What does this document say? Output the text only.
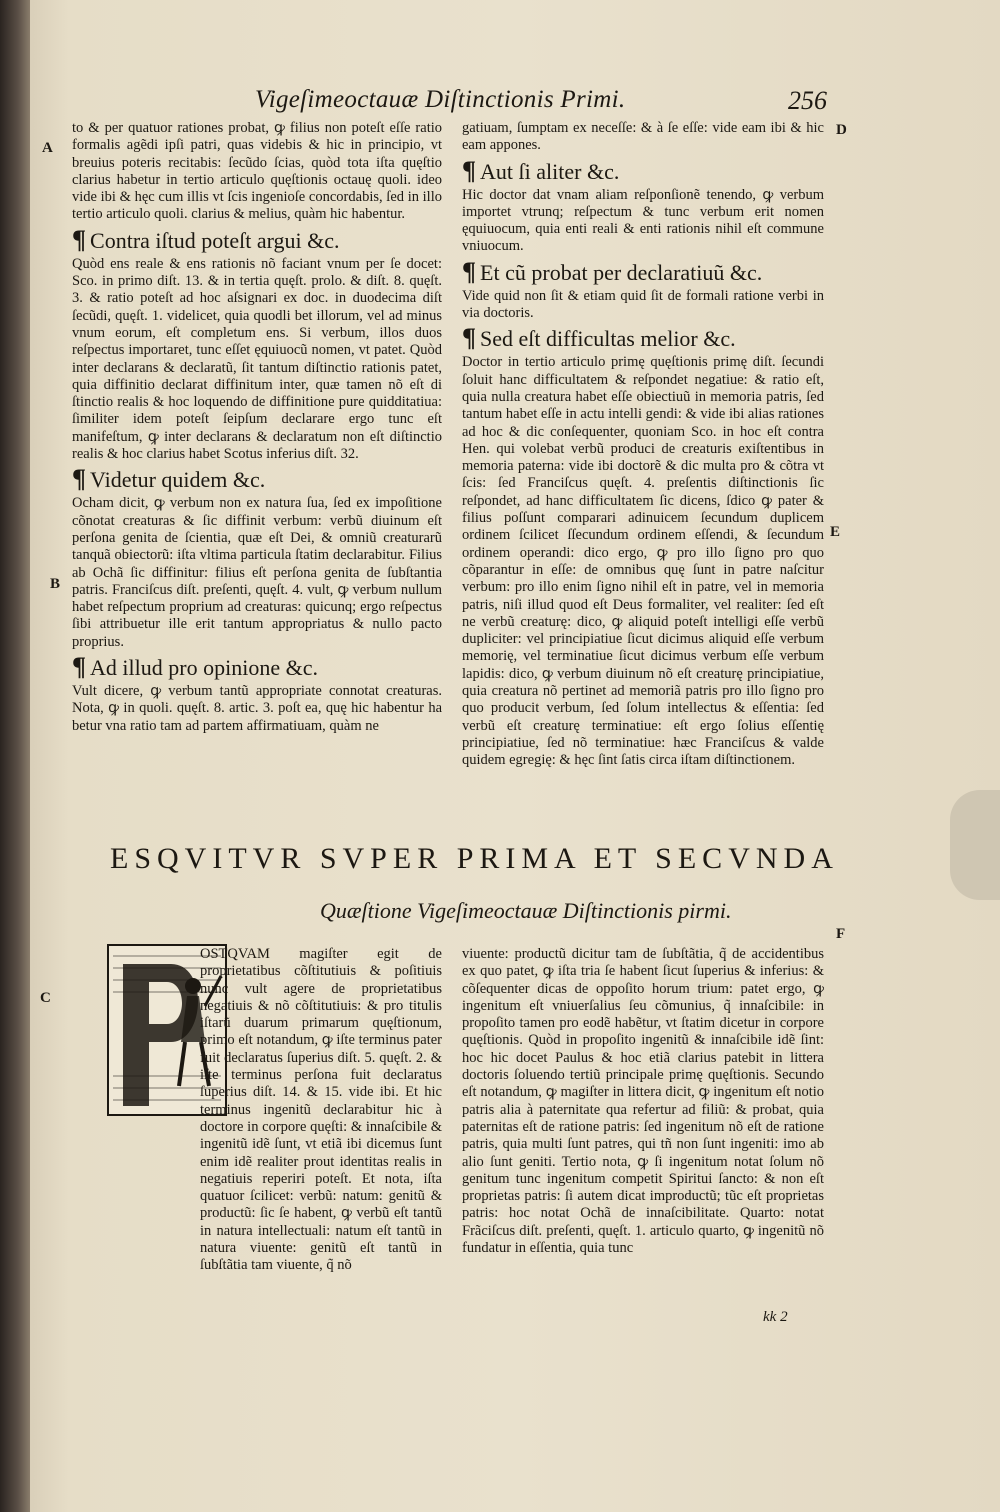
Vigeſimeoctauæ Diſtinctionis Primi.	256
A
B
C
D
E
F

to & per quatuor rationes probat, ꝙ filius non poteſt eſſe ratio formalis agẽdi ipſi patri, quas videbis & hic in principio, vt breuius poteris recitabis: ſecũdo ſcias, quòd tota iſta quęſtio clarius habetur in tertio articulo quęſtionis octauę quoli. ideo vide ibi & hęc cum illis vt ſcis ingenioſe concordabis, ſed in illo tertio articulo quoli. clarius & melius, quàm hic habentur.

¶ Contra iſtud poteſt argui &c.

Quòd ens reale & ens rationis nõ faciant vnum per ſe docet: Sco. in primo diſt. 13. & in tertia quęſt. prolo. & diſt. 8. quęſt. 3. & ratio poteſt ad hoc aſsignari ex doc. in duodecima diſt ſecũdi, quęſt. 1. videlicet, quia quodli bet illorum, vel ad minus vnum eorum, eſt completum ens. Si verbum, illos duos reſpectus importaret, tunc eſſet ęquiuocũ nomen, vt patet. Quòd inter declarans & declaratũ, ſit tantum diſtinctio rationis patet, quia diffinitio declarat diffinitum inter, quæ tamen nõ eſt di ſtinctio realis & hoc loquendo de diffinitione pure quidditatiua: ſimiliter idem poteſt ſeipſum declarare ergo tunc eſt manifeſtum, ꝙ inter declarans & declaratum non eſt diſtinctio realis & hoc clarius habet Scotus inferius diſt. 32.

¶ Videtur quidem &c.

Ocham dicit, ꝙ verbum non ex natura ſua, ſed ex impoſitione cõnotat creaturas & ſic diffinit verbum: verbũ diuinum eſt perſona genita de ſcientia, quæ eſt Dei, & omniũ creaturarũ tanquã obiectorũ: iſta vltima particula ſtatim declarabitur. Filius ab Ochã ſic diffinitur: filius eſt perſona genita de ſubſtantia patris. Franciſcus diſt. preſenti, quęſt. 4. vult, ꝙ verbum nullum habet reſpectum proprium ad creaturas: quicunq; ergo reſpectus ſibi attribuetur ille erit tantum appropriatus & nullo pacto proprius.

¶ Ad illud pro opinione &c.

Vult dicere, ꝙ verbum tantũ appropriate connotat creaturas. Nota, ꝙ in quoli. quęſt. 8. artic. 3. poſt ea, quę hic habentur ha betur vna ratio tam ad partem affirmatiuam, quàm ne

gatiuam, ſumptam ex neceſſe: & à ſe eſſe: vide eam ibi & hic eam appones.

¶ Aut ſi aliter &c.

Hic doctor dat vnam aliam reſponſionẽ tenendo, ꝙ verbum importet vtrunq; reſpectum & tunc verbum erit nomen ęquiuocum, quia enti reali & enti rationis nihil eſt commune vniuocum.

¶ Et cũ probat per declaratiuũ &c.

Vide quid non ſit & etiam quid ſit de formali ratione verbi in via doctoris.

¶ Sed eſt difficultas melior &c.

Doctor in tertio articulo primę quęſtionis primę diſt. ſecundi ſoluit hanc difficultatem & reſpondet negatiue: & ratio eſt, quia nulla creatura habet eſſe obiectiuũ in memoria patris, ſed tantum habet eſſe in actu intelli gendi: & vide ibi alias rationes ad hoc & dic conſequenter, quoniam Sco. in hoc eſt contra Hen. qui volebat verbũ produci de creaturis exiſtentibus in memoria paterna: vide ibi doctorẽ & dic multa pro & cõtra vt ſcis: ſed Franciſcus quęſt. 4. preſentis diſtinctionis ſic reſpondet, ad hanc difficultatem ſic dicens, ſdico ꝙ pater & filius poſſunt comparari adinuicem ſecundum duplicem ordinem ſcilicet ſſecundum ordinem eſſendi, & ſecundum ordinem operandi: dico ergo, ꝙ pro illo ſigno pro quo cõparantur in eſſe: de omnibus quę ſunt in patre naſcitur verbum: pro illo enim ſigno nihil eſt in patre, vel in memoria patris, niſi illud quod eſt Deus formaliter, vel realiter: ſed eſt ne verbũ creaturę: dico, ꝙ aliquid poteſt intelligi eſſe verbũ dupliciter: vel principiatiue ſicut dicimus aliquid eſſe verbum memorię, vel terminatiue ſicut dicimus verbum eſſe verbum lapidis: dico, ꝙ verbum diuinum nõ eſt creaturę principiatiue, quia creatura nõ pertinet ad memoriã patris pro illo ſigno pro quo producit verbum, ſed ſolum intellectus & eſſentia: ſed verbũ eſt creaturę terminatiue: eſt ergo ſolius eſſentię principiatiue, ſed nõ terminatiue: hæc Franciſcus & valde quidem egregię: & hęc ſint ſatis circa iſtam diſtinctionem.

ESQVITVR SVPER PRIMA ET SECVNDA
Quæſtione Vigeſimeoctauæ Diſtinctionis pirmi.

OSTQVAM magiſter egit de proprietatibus cõſtitutiuis & poſitiuis nunc vult agere de proprietatibus negatiuis & nõ cõſtitutiuis: & pro titulis iſtarũ duarum primarum quęſtionum, primo eſt notandum, ꝙ iſte terminus pater fuit declaratus ſuperius diſt. 5. quęſt. 2. & iſte terminus perſona fuit declaratus ſuperius diſt. 14. & 15. vide ibi. Et hic terminus ingenitũ declarabitur hic à doctore in corpore quęſti: & innaſcibile & ingenitũ idẽ ſunt, vt etiã ibi dicemus ſunt enim idẽ realiter prout identitas realis in negatiuis reperiri poteſt. Et nota, iſta quatuor ſcilicet: verbũ: natum: genitũ & productũ: ſic ſe habent, ꝙ verbũ eſt tantũ in natura intellectuali: natum eſt tantũ in natura viuente: genitũ eſt tantũ in ſubſtãtia tam viuente, q̃ nõ

viuente: productũ dicitur tam de ſubſtãtia, q̃ de accidentibus ex quo patet, ꝙ iſta tria ſe habent ſicut ſuperius & inferius: & cõſequenter dicas de oppoſito horum trium: patet ergo, ꝙ ingenitum eſt vniuerſalius ſeu cõmunius, q̃ innaſcibile: in propoſito tamen pro eodẽ habẽtur, vt ſtatim dicetur in corpore quęſtionis. Quòd in propoſito ingenitũ & innaſcibile idẽ ſint: hoc hic docet Paulus & hoc etiã clarius patebit in littera doctoris ſoluendo tertiũ principale primę quęſtionis. Secundo eſt notandum, ꝙ magiſter in littera dicit, ꝙ ingenitum eſt notio patris alia à paternitate qua refertur ad filiũ: & probat, quia paternitas eſt de ratione patris: ſed ingenitum nõ eſt de ratione patris, quia multi ſunt patres, qui tñ non ſunt ingeniti: imo ab alio ſunt geniti. Tertio nota, ꝙ ſi ingenitum notat ſolum nõ genitum tunc ingenitum competit Spiritui ſancto: & non eſt proprietas patris: ſi autem dicat improductũ; tũc eſt proprietas patris: hoc notat Ochã de innaſcibilitate. Quarto: notat Frãciſcus diſt. preſenti, quęſt. 1. articulo quarto, ꝙ ingenitũ nõ fundatur in eſſentia, quia tunc

kk 2
